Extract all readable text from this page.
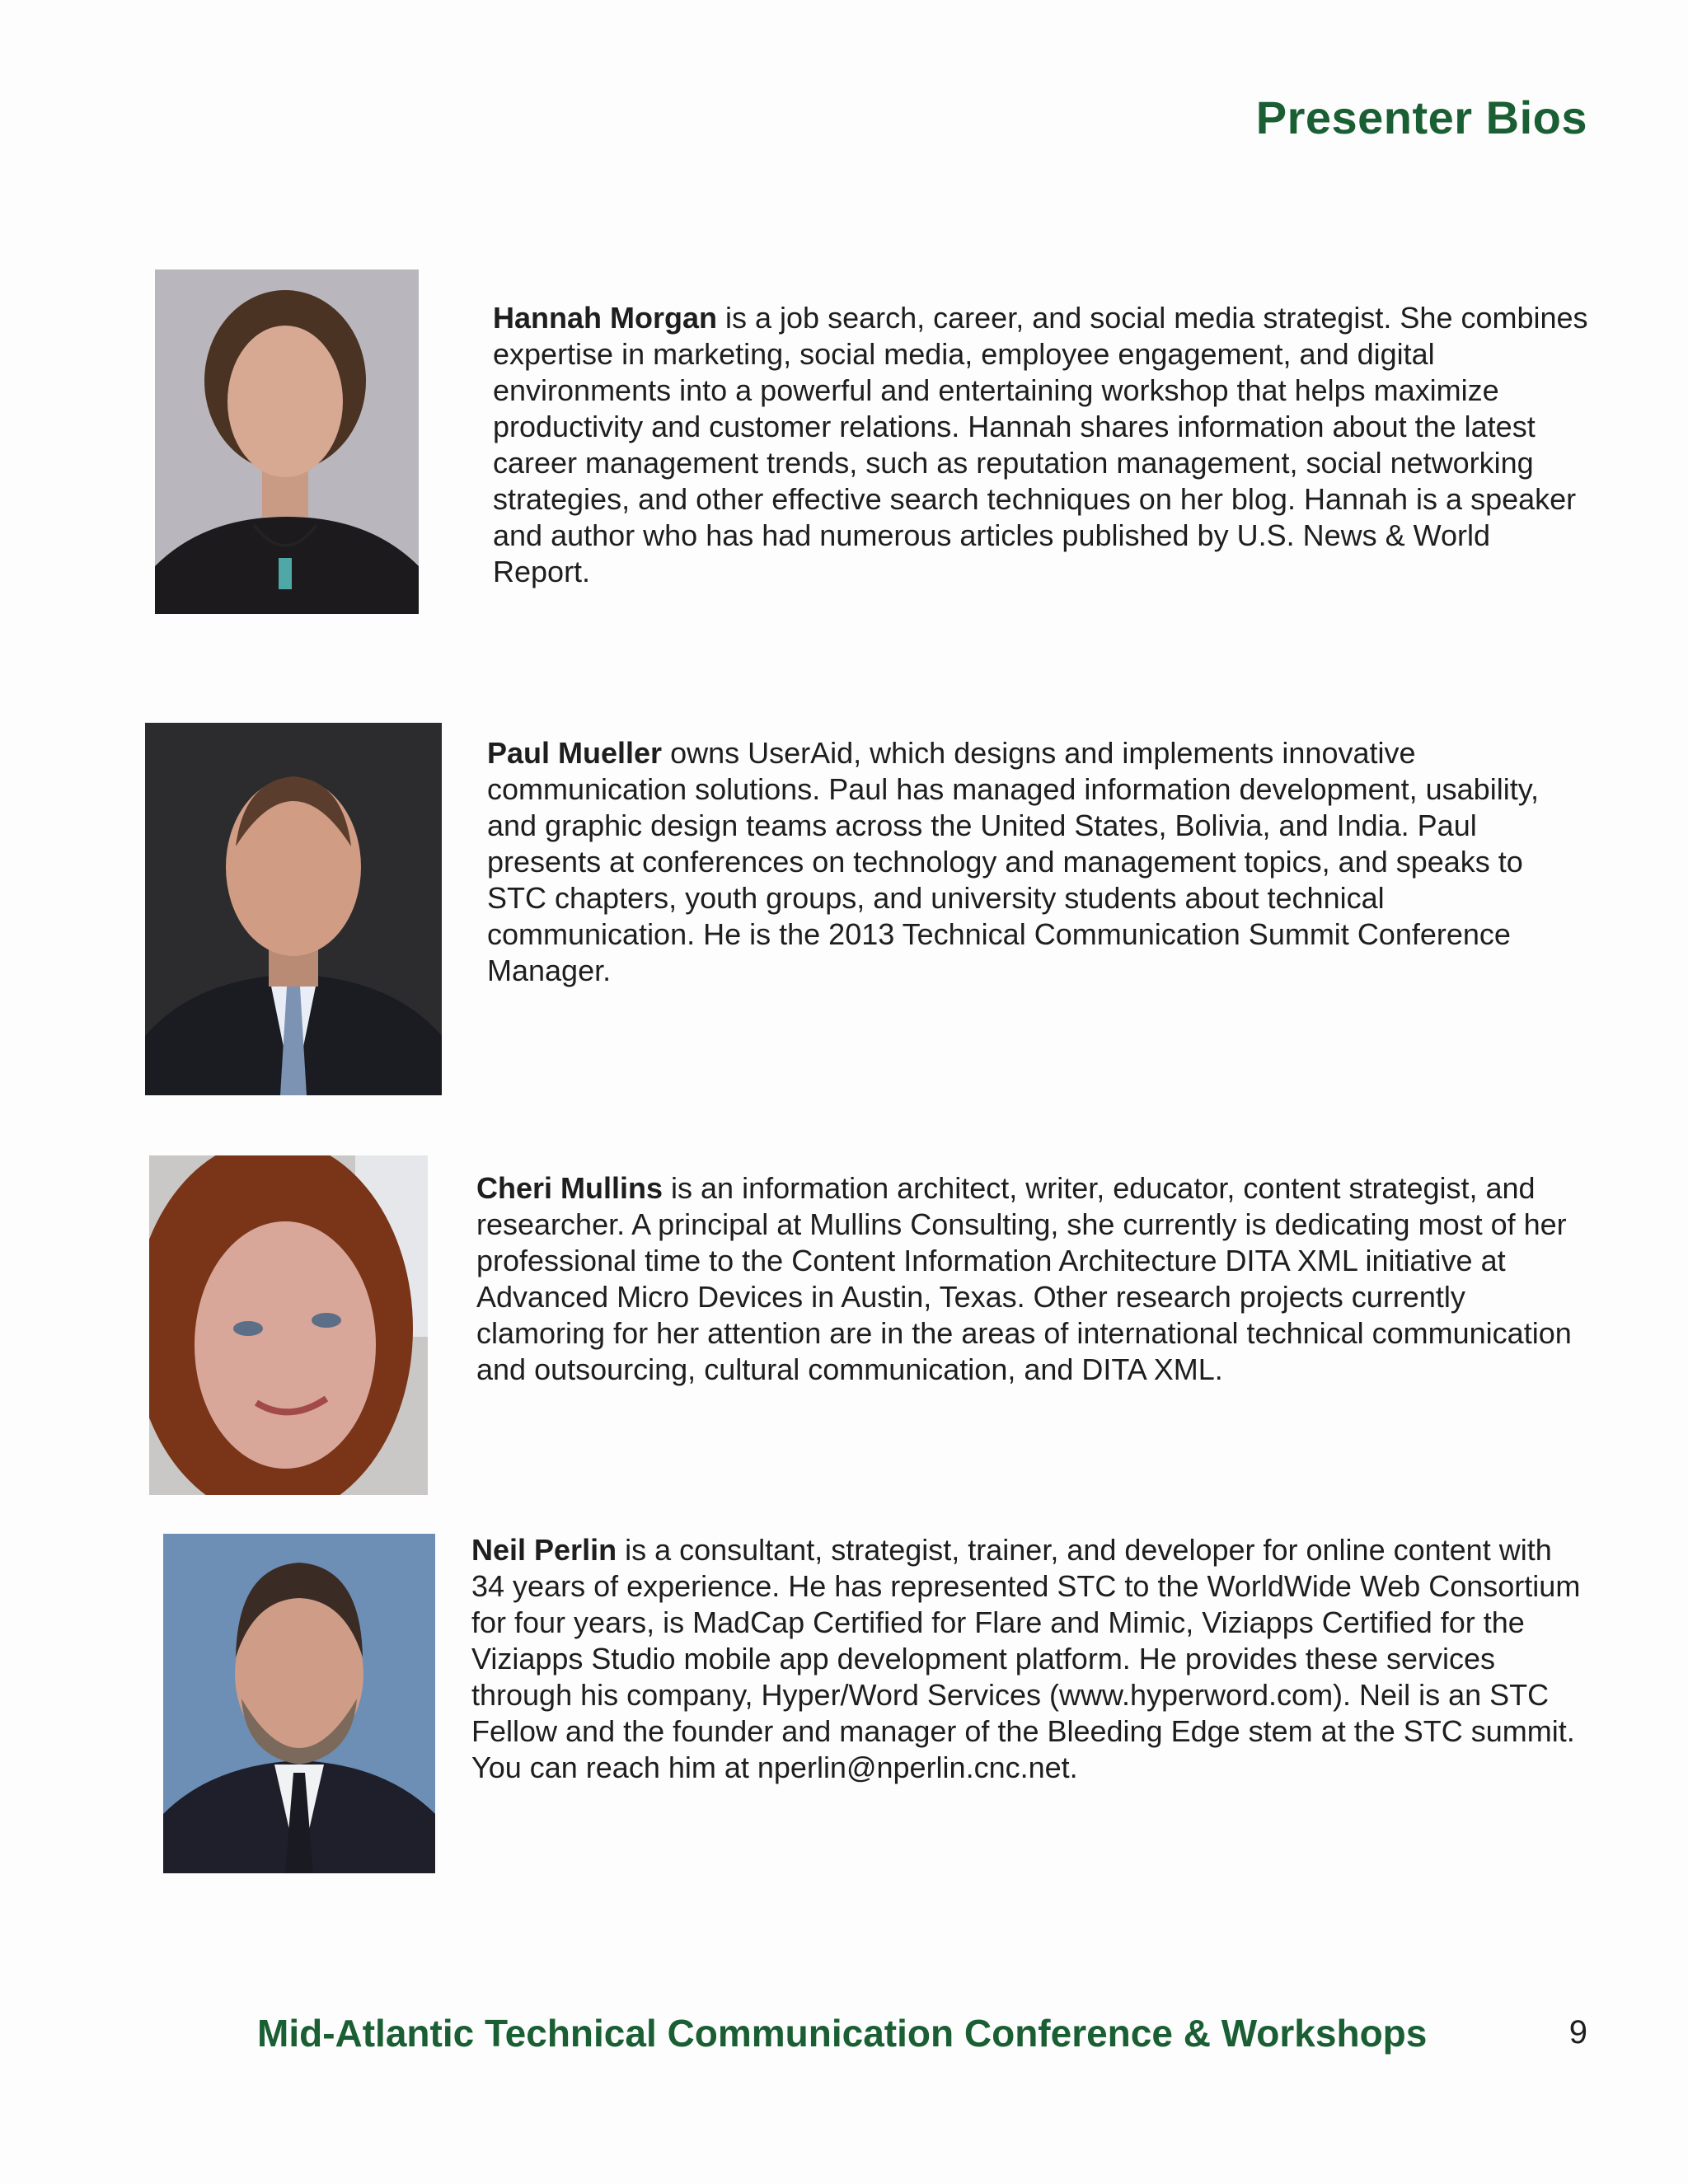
Presenter Bios

Hannah Morgan is a job search, career, and social media strategist. She combines expertise in marketing, social media, employee engagement, and digital environments into a powerful and entertaining workshop that helps maximize productivity and customer relations. Hannah shares information about the latest career management trends, such as reputation management, social networking strategies, and other effective search techniques on her blog. Hannah is a speaker and author who has had numerous articles published by U.S. News & World Report.

Paul Mueller owns UserAid, which designs and implements innovative communication solutions. Paul has managed information development, usability, and graphic design teams across the United States, Bolivia, and India. Paul presents at conferences on technology and management topics, and speaks to STC chapters, youth groups, and university students about technical communication. He is the 2013 Technical Communication Summit Conference Manager.

Cheri Mullins is an information architect, writer, educator, content strategist, and researcher. A principal at Mullins Consulting, she currently is dedicating most of her professional time to the Content Information Architecture DITA XML initiative at Advanced Micro Devices in Austin, Texas. Other research projects currently clamoring for her attention are in the areas of international technical communication and outsourcing, cultural communication, and DITA XML.

Neil Perlin is a consultant, strategist, trainer, and developer for online content with 34 years of experience. He has represented STC to the WorldWide Web Consortium for four years, is MadCap Certified for Flare and Mimic, Viziapps Certified for the Viziapps Studio mobile app development platform. He provides these services through his company, Hyper/Word Services (www.hyperword.com). Neil is an STC Fellow and the founder and manager of the Bleeding Edge stem at the STC summit. You can reach him at nperlin@nperlin.cnc.net.

Mid-Atlantic Technical Communication Conference & Workshops	9
